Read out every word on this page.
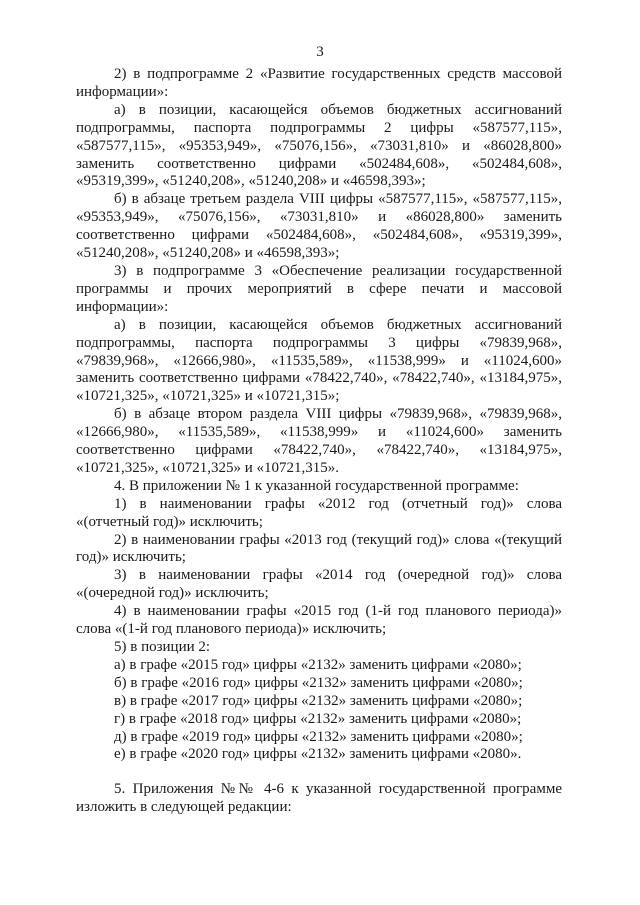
3

2) в подпрограмме 2 «Развитие государственных средств массовой информации»:

а) в позиции, касающейся объемов бюджетных ассигнований подпрограммы, паспорта подпрограммы 2 цифры «587577,115», «587577,115», «95353,949», «75076,156», «73031,810» и «86028,800» заменить соответственно цифрами «502484,608», «502484,608», «95319,399», «51240,208», «51240,208» и «46598,393»;

б) в абзаце третьем раздела VIII цифры «587577,115», «587577,115», «95353,949», «75076,156», «73031,810» и «86028,800» заменить соответственно цифрами «502484,608», «502484,608», «95319,399», «51240,208», «51240,208» и «46598,393»;

3) в подпрограмме 3 «Обеспечение реализации государственной программы и прочих мероприятий в сфере печати и массовой информации»:

а) в позиции, касающейся объемов бюджетных ассигнований подпрограммы, паспорта подпрограммы 3 цифры «79839,968», «79839,968», «12666,980», «11535,589», «11538,999» и «11024,600» заменить соответственно цифрами «78422,740», «78422,740», «13184,975», «10721,325», «10721,325» и «10721,315»;

б) в абзаце втором раздела VIII цифры «79839,968», «79839,968», «12666,980», «11535,589», «11538,999» и «11024,600» заменить соответственно цифрами «78422,740», «78422,740», «13184,975», «10721,325», «10721,325» и «10721,315».

4. В приложении № 1 к указанной государственной программе:

1) в наименовании графы «2012 год (отчетный год)» слова «(отчетный год)» исключить;

2) в наименовании графы «2013 год (текущий год)» слова «(текущий год)» исключить;

3) в наименовании графы «2014 год (очередной год)» слова «(очередной год)» исключить;

4) в наименовании графы «2015 год (1-й год планового периода)» слова «(1-й год планового периода)» исключить;

5) в позиции 2:

а) в графе «2015 год» цифры «2132» заменить цифрами «2080»;

б) в графе «2016 год» цифры «2132» заменить цифрами «2080»;

в) в графе «2017 год» цифры «2132» заменить цифрами «2080»;

г) в графе «2018 год» цифры «2132» заменить цифрами «2080»;

д) в графе «2019 год» цифры «2132» заменить цифрами «2080»;

е) в графе «2020 год» цифры «2132» заменить цифрами «2080».

5. Приложения №№ 4-6 к указанной государственной программе изложить в следующей редакции:
